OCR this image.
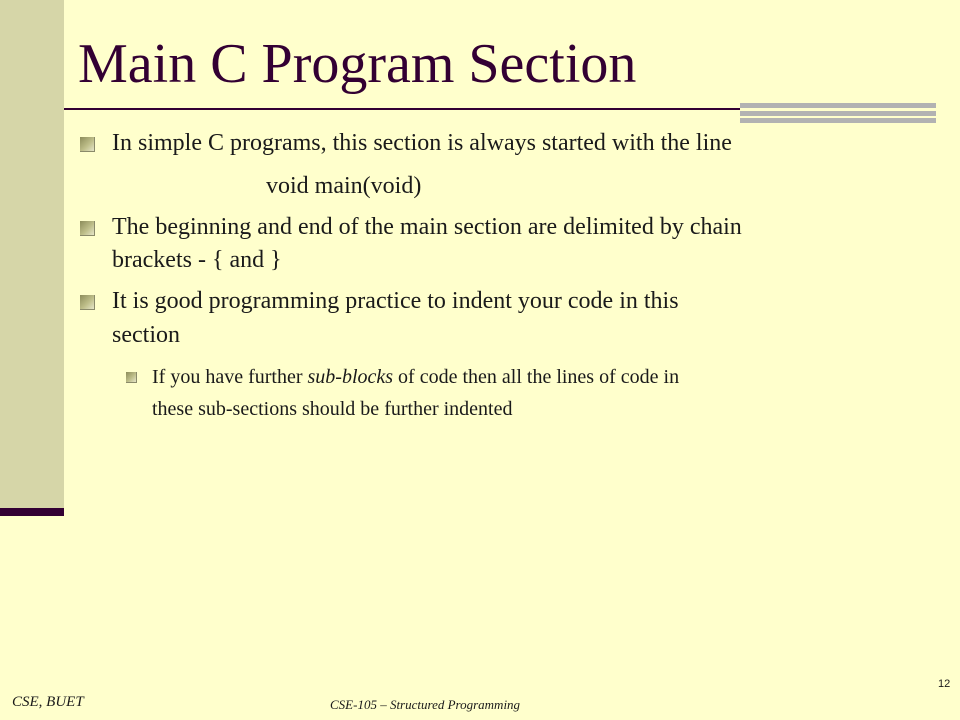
Main C Program Section
In simple C programs, this section is always started with the line
void main(void)
The beginning and end of the main section are delimited by chain
brackets - { and }
It is good programming practice to indent your code in this
section
If you have further sub-blocks of code then all the lines of code in
these sub-sections should be further indented
12
CSE, BUET	CSE-105 – Structured Programming
